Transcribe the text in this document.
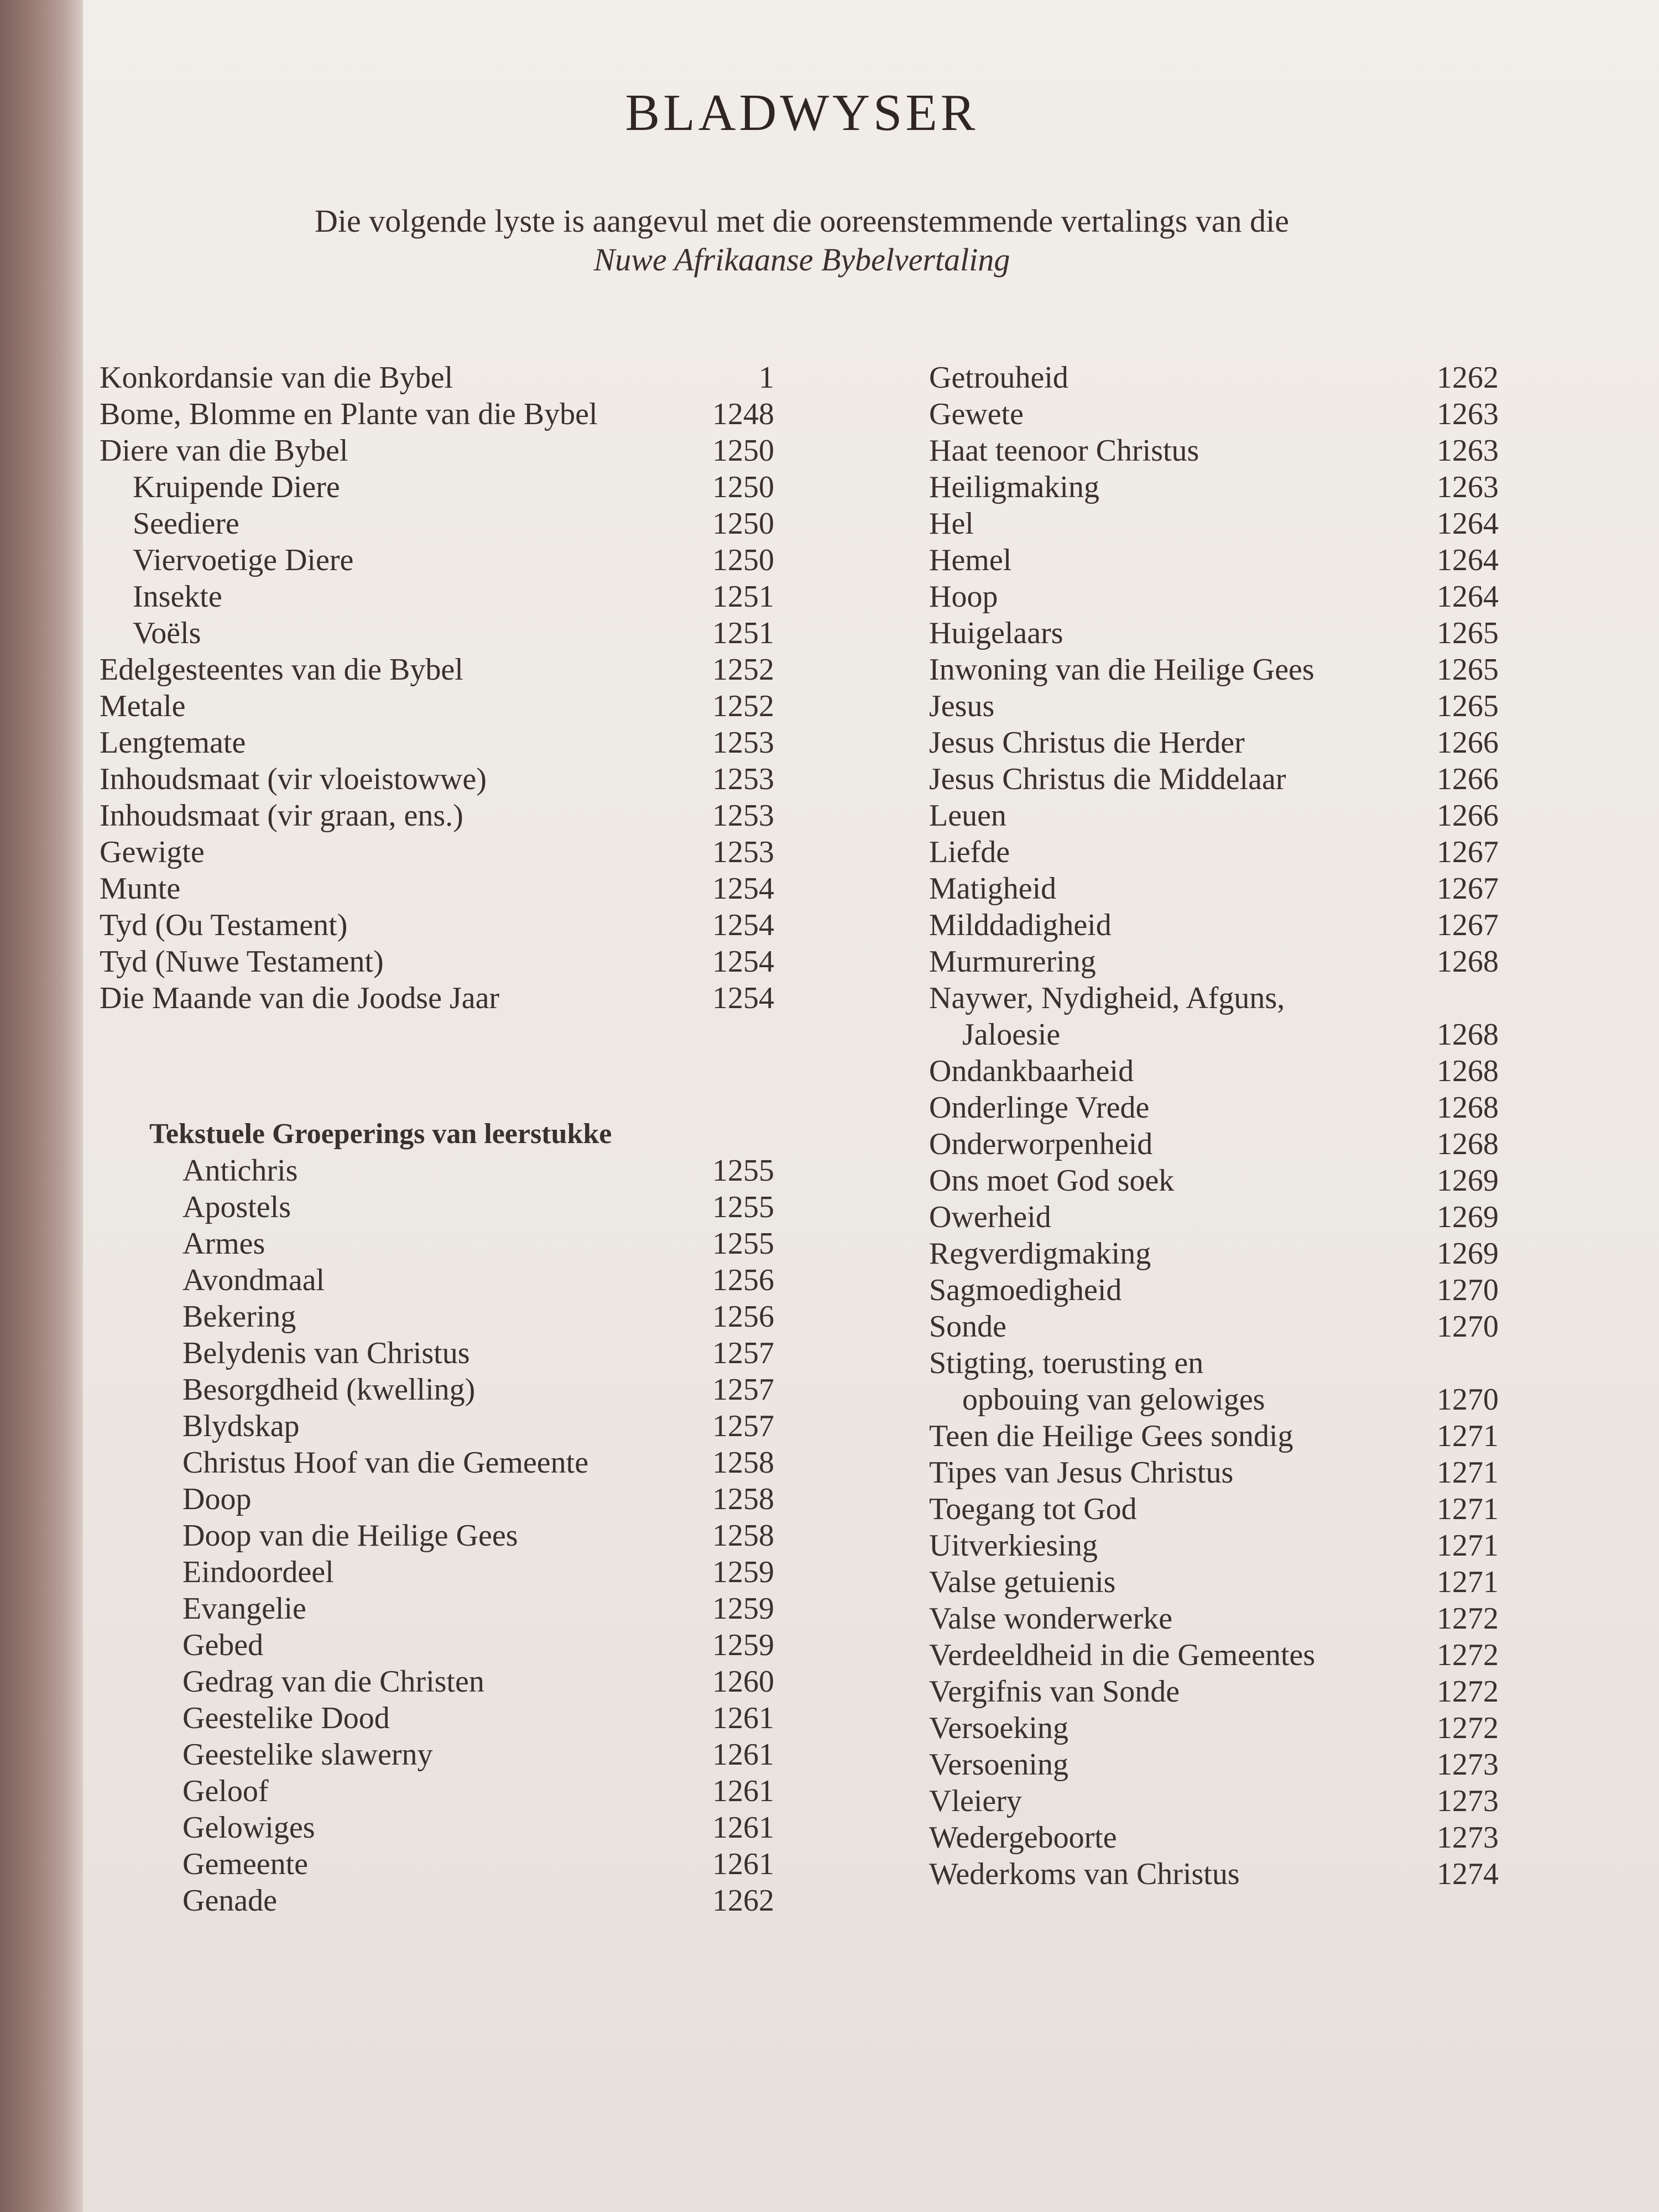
BLADWYSER
Die volgende lyste is aangevul met die ooreenstemmende vertalings van die
Nuwe Afrikaanse Bybelvertaling
Konkordansie van die Bybel	1
Bome, Blomme en Plante van die Bybel	1248
Diere van die Bybel	1250
Kruipende Diere	1250
Seediere	1250
Viervoetige Diere	1250
Insekte	1251
Voëls	1251
Edelgesteentes van die Bybel	1252
Metale	1252
Lengtemate	1253
Inhoudsmaat (vir vloeistowwe)	1253
Inhoudsmaat (vir graan, ens.)	1253
Gewigte	1253
Munte	1254
Tyd (Ou Testament)	1254
Tyd (Nuwe Testament)	1254
Die Maande van die Joodse Jaar	1254
Tekstuele Groeperings van leerstukke
Antichris	1255
Apostels	1255
Armes	1255
Avondmaal	1256
Bekering	1256
Belydenis van Christus	1257
Besorgdheid (kwelling)	1257
Blydskap	1257
Christus Hoof van die Gemeente	1258
Doop	1258
Doop van die Heilige Gees	1258
Eindoordeel	1259
Evangelie	1259
Gebed	1259
Gedrag van die Christen	1260
Geestelike Dood	1261
Geestelike slawerny	1261
Geloof	1261
Gelowiges	1261
Gemeente	1261
Genade	1262
Getrouheid	1262
Gewete	1263
Haat teenoor Christus	1263
Heiligmaking	1263
Hel	1264
Hemel	1264
Hoop	1264
Huigelaars	1265
Inwoning van die Heilige Gees	1265
Jesus	1265
Jesus Christus die Herder	1266
Jesus Christus die Middelaar	1266
Leuen	1266
Liefde	1267
Matigheid	1267
Milddadigheid	1267
Murmurering	1268
Naywer, Nydigheid, Afguns,
Jaloesie	1268
Ondankbaarheid	1268
Onderlinge Vrede	1268
Onderworpenheid	1268
Ons moet God soek	1269
Owerheid	1269
Regverdigmaking	1269
Sagmoedigheid	1270
Sonde	1270
Stigting, toerusting en
opbouing van gelowiges	1270
Teen die Heilige Gees sondig	1271
Tipes van Jesus Christus	1271
Toegang tot God	1271
Uitverkiesing	1271
Valse getuienis	1271
Valse wonderwerke	1272
Verdeeldheid in die Gemeentes	1272
Vergifnis van Sonde	1272
Versoeking	1272
Versoening	1273
Vleiery	1273
Wedergeboorte	1273
Wederkoms van Christus	1274
